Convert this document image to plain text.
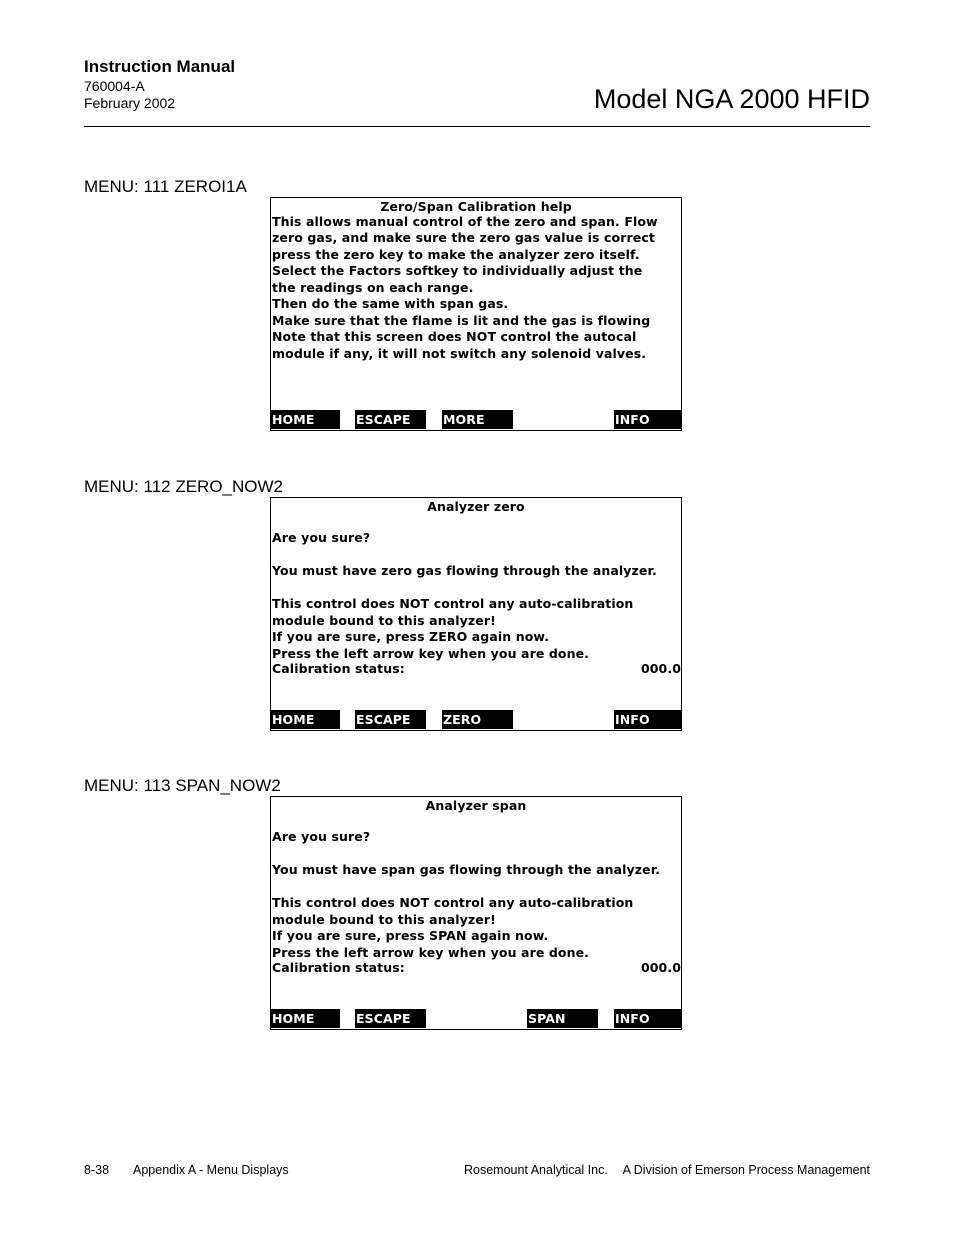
Instruction Manual
760004-A
February 2002	Model NGA 2000 HFID
MENU: 111 ZEROI1A
Zero/Span Calibration help
This allows manual control of the zero and span. Flow
zero gas, and make sure the zero gas value is correct
press the zero key to make the analyzer zero itself.
Select the Factors softkey to individually adjust the
the readings on each range.
Then do the same with span gas.
Make sure that the flame is lit and the gas is flowing
Note that this screen does NOT control the autocal
module if any, it will not switch any solenoid valves.
HOME	ESCAPE	MORE	INFO
MENU: 112 ZERO_NOW2
Analyzer zero
Are you sure?
You must have zero gas flowing through the analyzer.
This control does NOT control any auto-calibration
module bound to this analyzer!
If you are sure, press ZERO again now.
Press the left arrow key when you are done.
Calibration status:	000.0
HOME	ESCAPE	ZERO	INFO
MENU: 113 SPAN_NOW2
Analyzer span
Are you sure?
You must have span gas flowing through the analyzer.
This control does NOT control any auto-calibration
module bound to this analyzer!
If you are sure, press SPAN again now.
Press the left arrow key when you are done.
Calibration status:	000.0
HOME	ESCAPE	SPAN	INFO
8-38 Appendix A - Menu Displays	Rosemount Analytical Inc. A Division of Emerson Process Management
